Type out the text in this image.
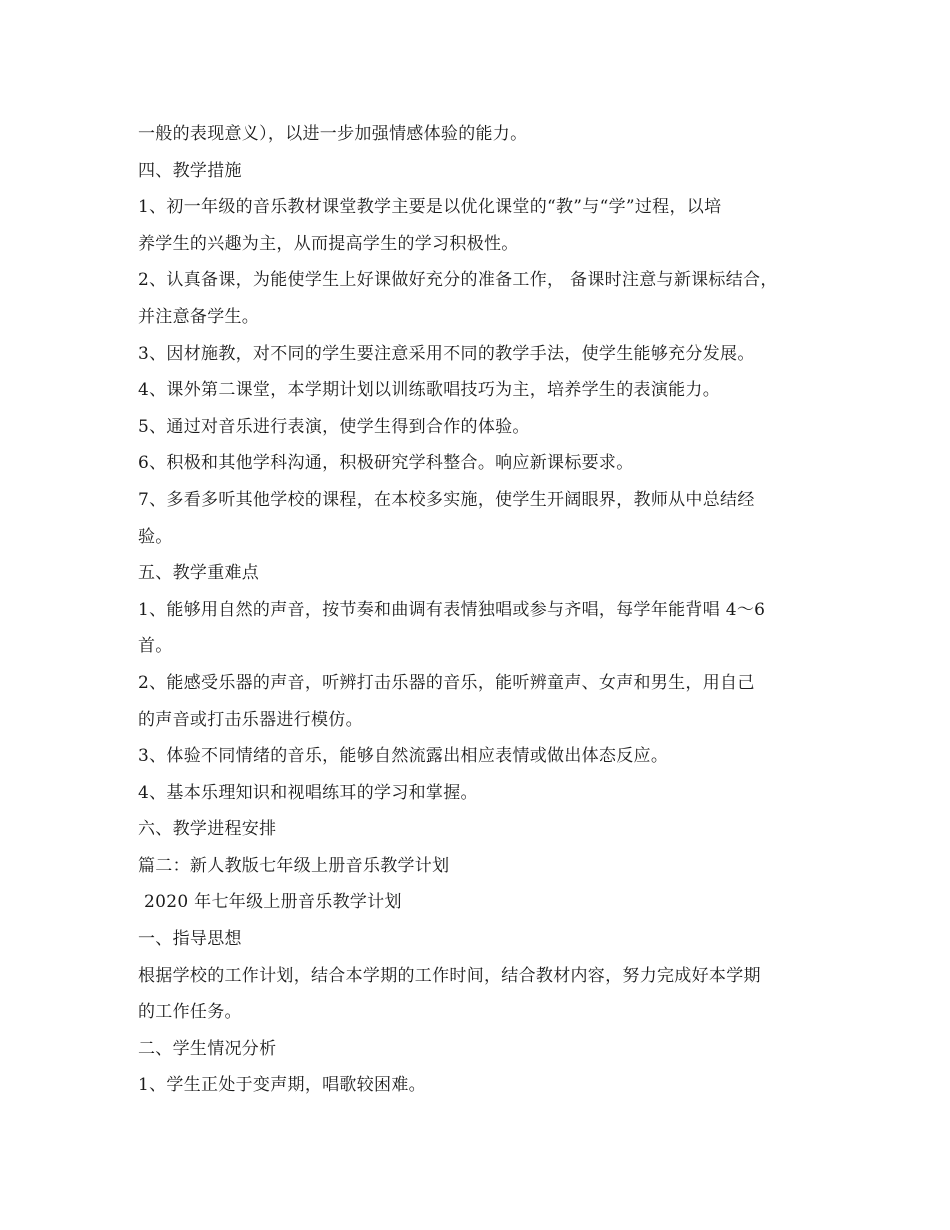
一般的表现意义），以进一步加强情感体验的能力。
四、教学措施
1、初一年级的音乐教材课堂教学主要是以优化课堂的“教”与“学”过程，以培
养学生的兴趣为主，从而提高学生的学习积极性。
2、认真备课，为能使学生上好课做好充分的准备工作， 备课时注意与新课标结合，
并注意备学生。
3、因材施教，对不同的学生要注意采用不同的教学手法，使学生能够充分发展。
4、课外第二课堂，本学期计划以训练歌唱技巧为主，培养学生的表演能力。
5、通过对音乐进行表演，使学生得到合作的体验。
6、积极和其他学科沟通，积极研究学科整合。响应新课标要求。
7、多看多听其他学校的课程，在本校多实施，使学生开阔眼界，教师从中总结经
验。
五、教学重难点
1、能够用自然的声音，按节奏和曲调有表情独唱或参与齐唱，每学年能背唱 4～6
首。
2、能感受乐器的声音，听辨打击乐器的音乐，能听辨童声、女声和男生，用自己
的声音或打击乐器进行模仿。
3、体验不同情绪的音乐，能够自然流露出相应表情或做出体态反应。
4、基本乐理知识和视唱练耳的学习和掌握。
六、教学进程安排
篇二：新人教版七年级上册音乐教学计划
2020 年七年级上册音乐教学计划
一、指导思想
根据学校的工作计划，结合本学期的工作时间，结合教材内容，努力完成好本学期
的工作任务。
二、学生情况分析
1、学生正处于变声期，唱歌较困难。
